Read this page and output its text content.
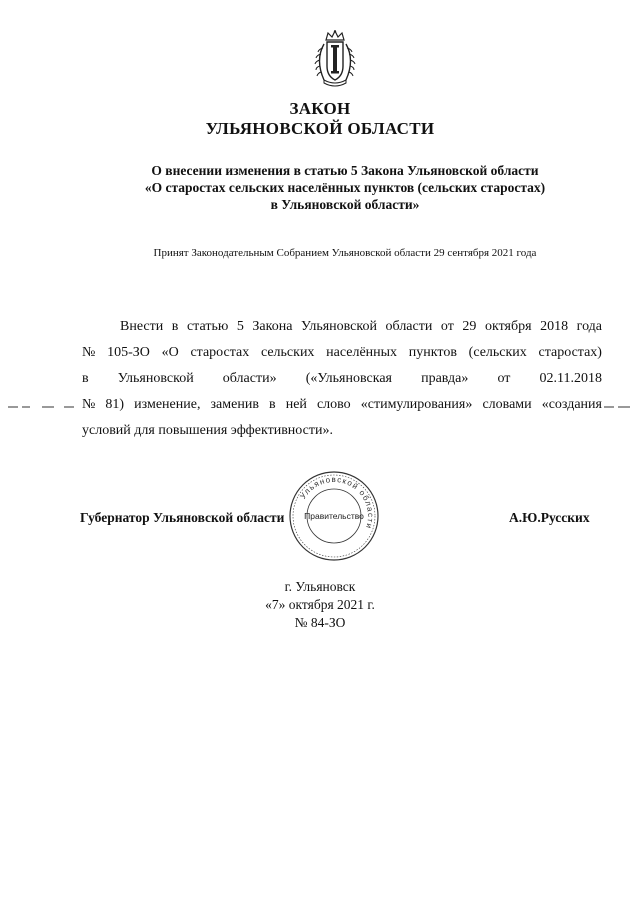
ЗАКОН
УЛЬЯНОВСКОЙ ОБЛАСТИ
О внесении изменения в статью 5 Закона Ульяновской области
«О старостах сельских населённых пунктов (сельских старостах)
в Ульяновской области»
Принят Законодательным Собранием Ульяновской области 29 сентября 2021 года
Внести в статью 5 Закона Ульяновской области от 29 октября 2018 года
№ 105-ЗО «О старостах сельских населённых пунктов (сельских старостах)
в Ульяновской области» («Ульяновская правда» от 02.11.2018
№ 81) изменение, заменив в ней слово «стимулирования» словами «создания
условий для повышения эффективности».
Губернатор Ульяновской области	А.Ю.Русских
Ульяновской области
Правительство
г. Ульяновск
«7» октября 2021 г.
№ 84-ЗО
